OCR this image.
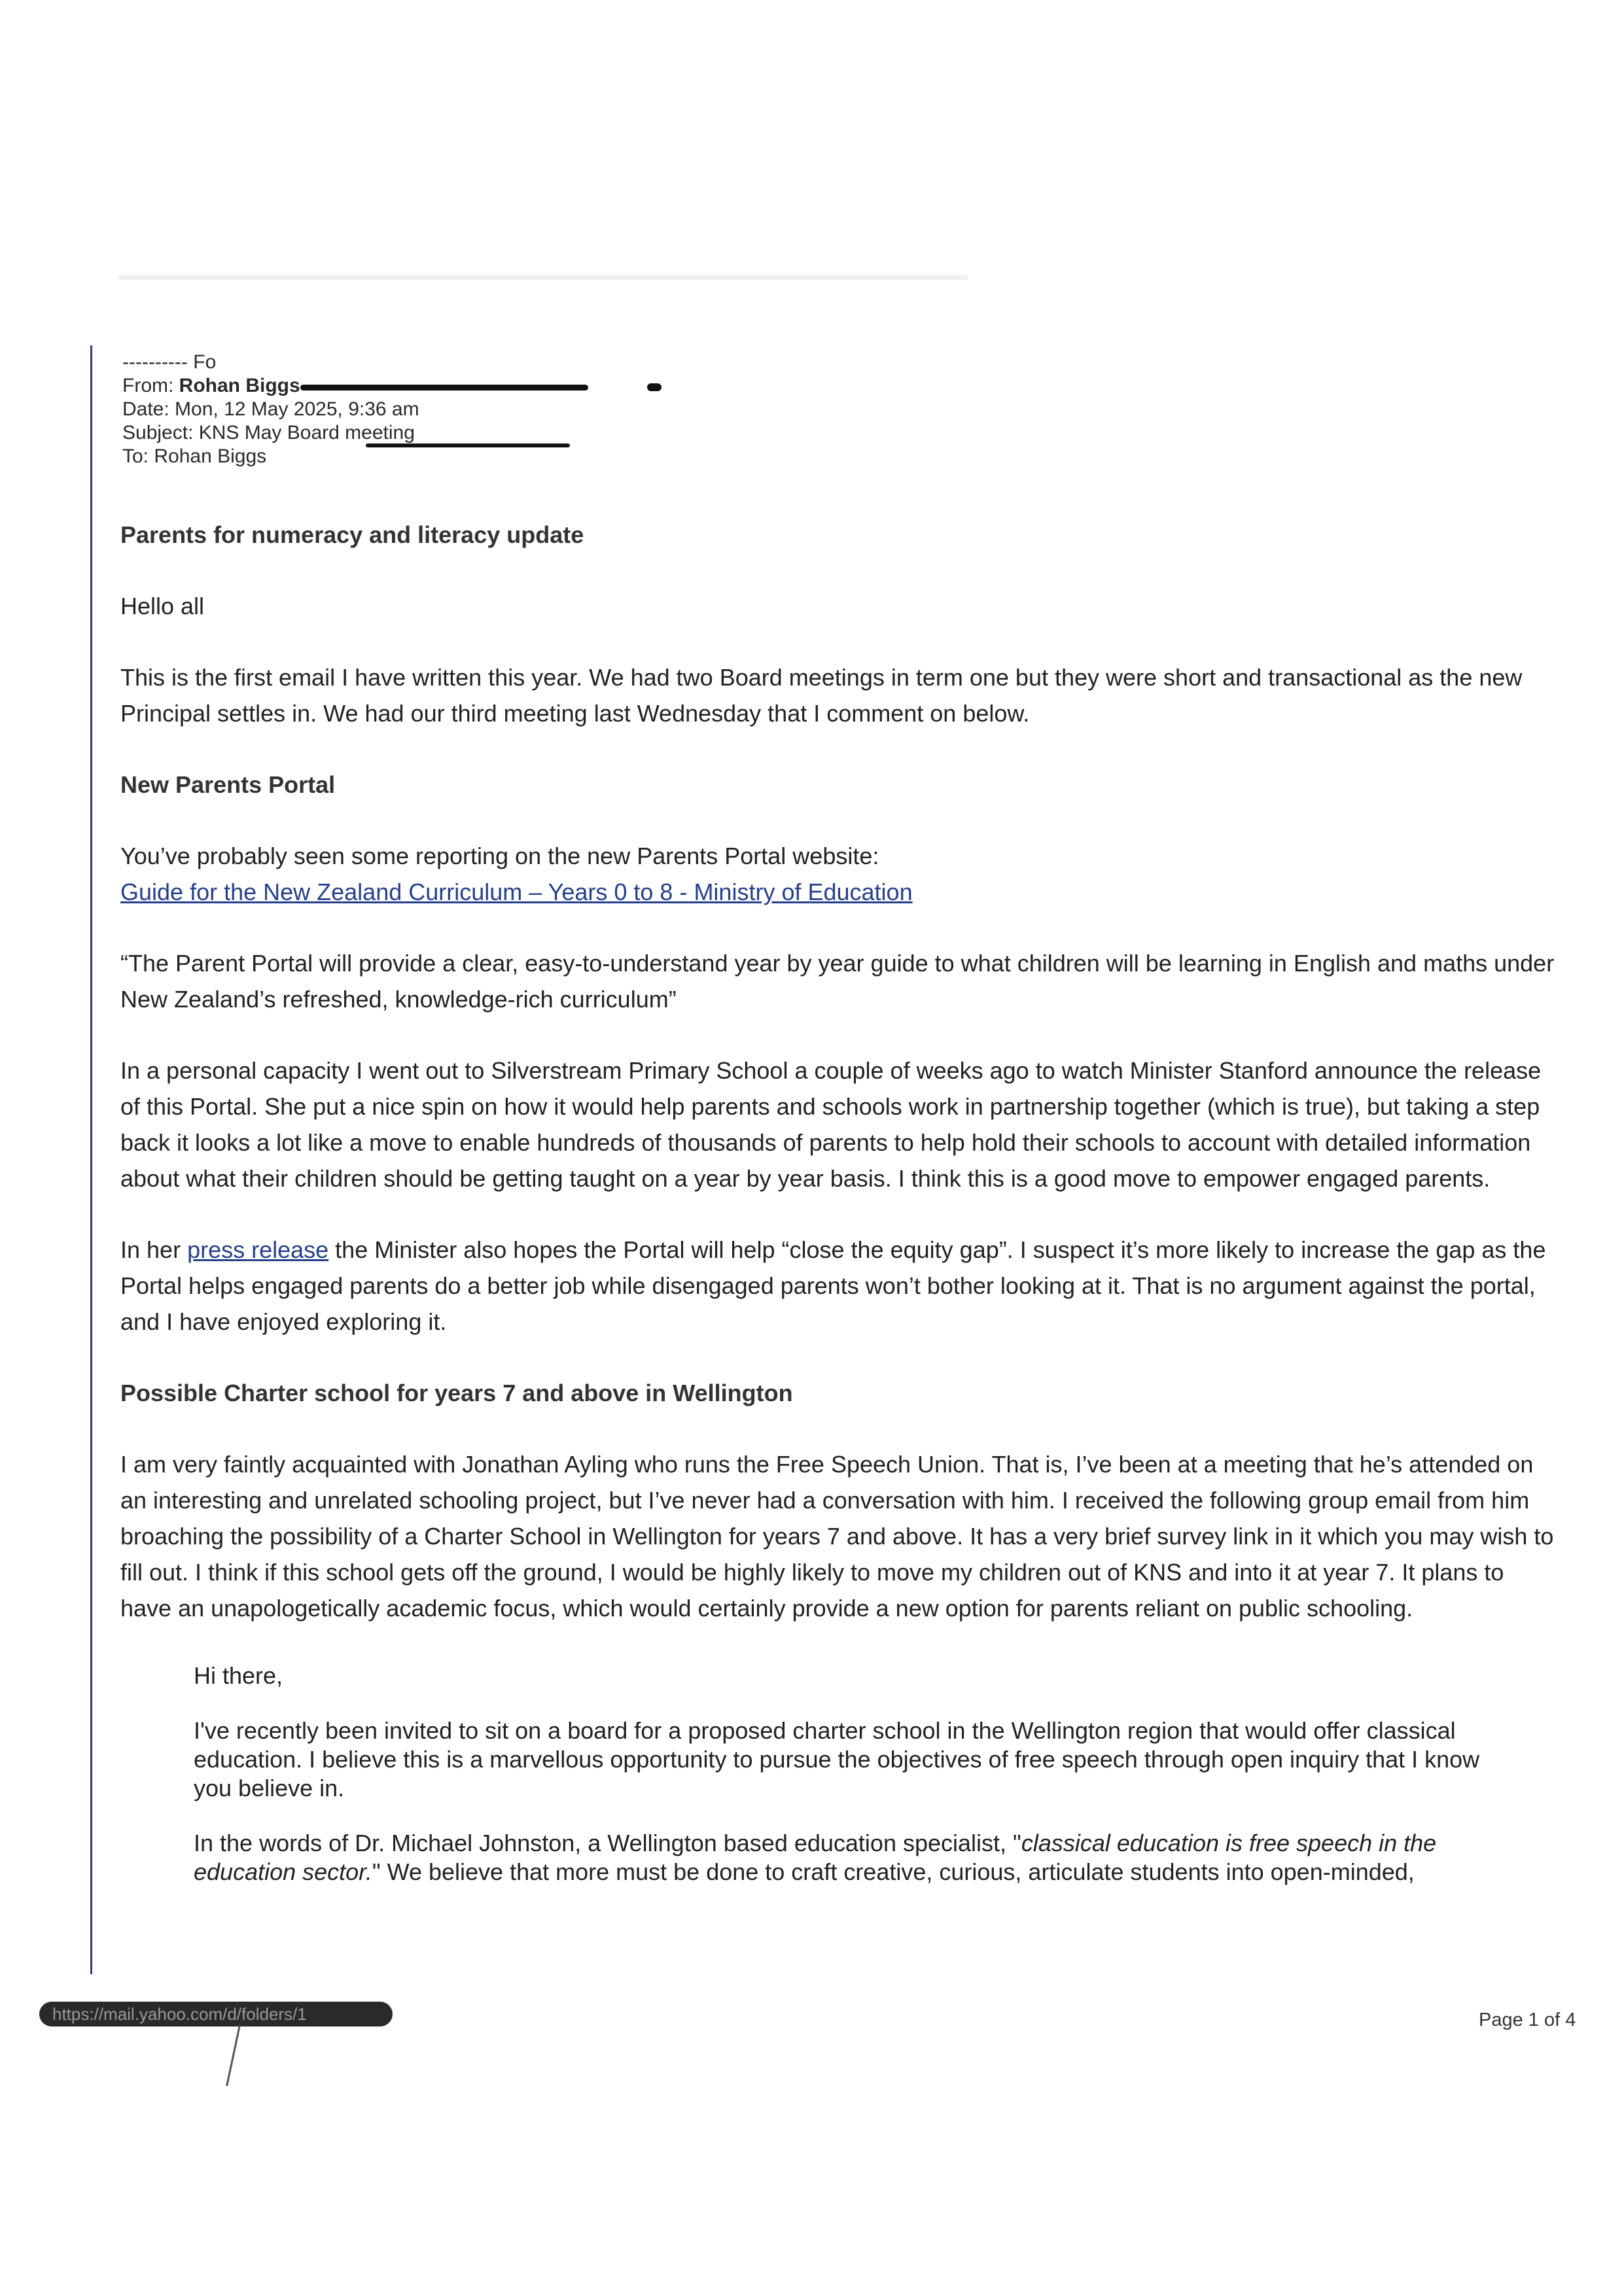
---------- Fo
From: Rohan Biggs
Date: Mon, 12 May 2025, 9:36 am
Subject: KNS May Board meeting
To: Rohan Biggs
Parents for numeracy and literacy update

Hello all

This is the first email I have written this year. We had two Board meetings in term one but they were short and transactional as the new Principal settles in. We had our third meeting last Wednesday that I comment on below.

New Parents Portal

You’ve probably seen some reporting on the new Parents Portal website:
Guide for the New Zealand Curriculum – Years 0 to 8 - Ministry of Education

“The Parent Portal will provide a clear, easy-to-understand year by year guide to what children will be learning in English and maths under New Zealand’s refreshed, knowledge-rich curriculum”

In a personal capacity I went out to Silverstream Primary School a couple of weeks ago to watch Minister Stanford announce the release of this Portal. She put a nice spin on how it would help parents and schools work in partnership together (which is true), but taking a step back it looks a lot like a move to enable hundreds of thousands of parents to help hold their schools to account with detailed information about what their children should be getting taught on a year by year basis. I think this is a good move to empower engaged parents.

In her press release the Minister also hopes the Portal will help “close the equity gap”. I suspect it’s more likely to increase the gap as the Portal helps engaged parents do a better job while disengaged parents won’t bother looking at it. That is no argument against the portal, and I have enjoyed exploring it.

Possible Charter school for years 7 and above in Wellington

I am very faintly acquainted with Jonathan Ayling who runs the Free Speech Union. That is, I’ve been at a meeting that he’s attended on an interesting and unrelated schooling project, but I’ve never had a conversation with him. I received the following group email from him broaching the possibility of a Charter School in Wellington for years 7 and above. It has a very brief survey link in it which you may wish to fill out. I think if this school gets off the ground, I would be highly likely to move my children out of KNS and into it at year 7. It plans to have an unapologetically academic focus, which would certainly provide a new option for parents reliant on public schooling.

Hi there,

I've recently been invited to sit on a board for a proposed charter school in the Wellington region that would offer classical education. I believe this is a marvellous opportunity to pursue the objectives of free speech through open inquiry that I know you believe in.

In the words of Dr. Michael Johnston, a Wellington based education specialist, "classical education is free speech in the education sector." We believe that more must be done to craft creative, curious, articulate students into open-minded,

https://mail.yahoo.com/d/folders/1	Page 1 of 4
